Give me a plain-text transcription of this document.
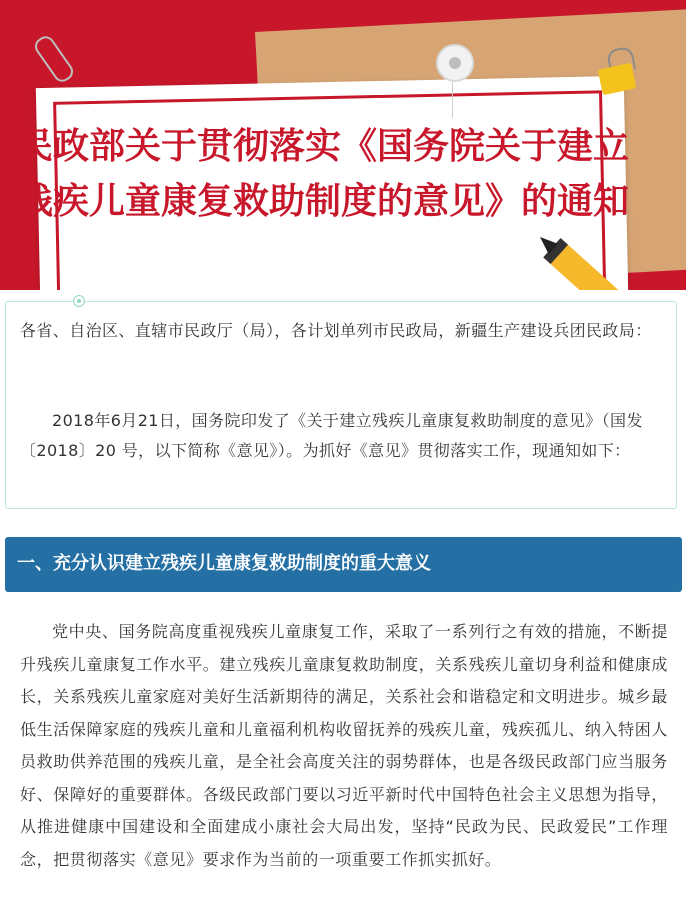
民政部关于贯彻落实《国务院关于建立
残疾儿童康复救助制度的意见》的通知

各省、自治区、直辖市民政厅（局），各计划单列市民政局，新疆生产建设兵团民政局：

2018年6月21日，国务院印发了《关于建立残疾儿童康复救助制度的意见》（国发〔2018〕20 号，以下简称《意见》）。为抓好《意见》贯彻落实工作，现通知如下：

一、充分认识建立残疾儿童康复救助制度的重大意义

党中央、国务院高度重视残疾儿童康复工作，采取了一系列行之有效的措施，不断提升残疾儿童康复工作水平。建立残疾儿童康复救助制度，关系残疾儿童切身利益和健康成长，关系残疾儿童家庭对美好生活新期待的满足，关系社会和谐稳定和文明进步。城乡最低生活保障家庭的残疾儿童和儿童福利机构收留抚养的残疾儿童，残疾孤儿、纳入特困人员救助供养范围的残疾儿童，是全社会高度关注的弱势群体，也是各级民政部门应当服务好、保障好的重要群体。各级民政部门要以习近平新时代中国特色社会主义思想为指导，从推进健康中国建设和全面建成小康社会大局出发，坚持“民政为民、民政爱民”工作理念，把贯彻落实《意见》要求作为当前的一项重要工作抓实抓好。
